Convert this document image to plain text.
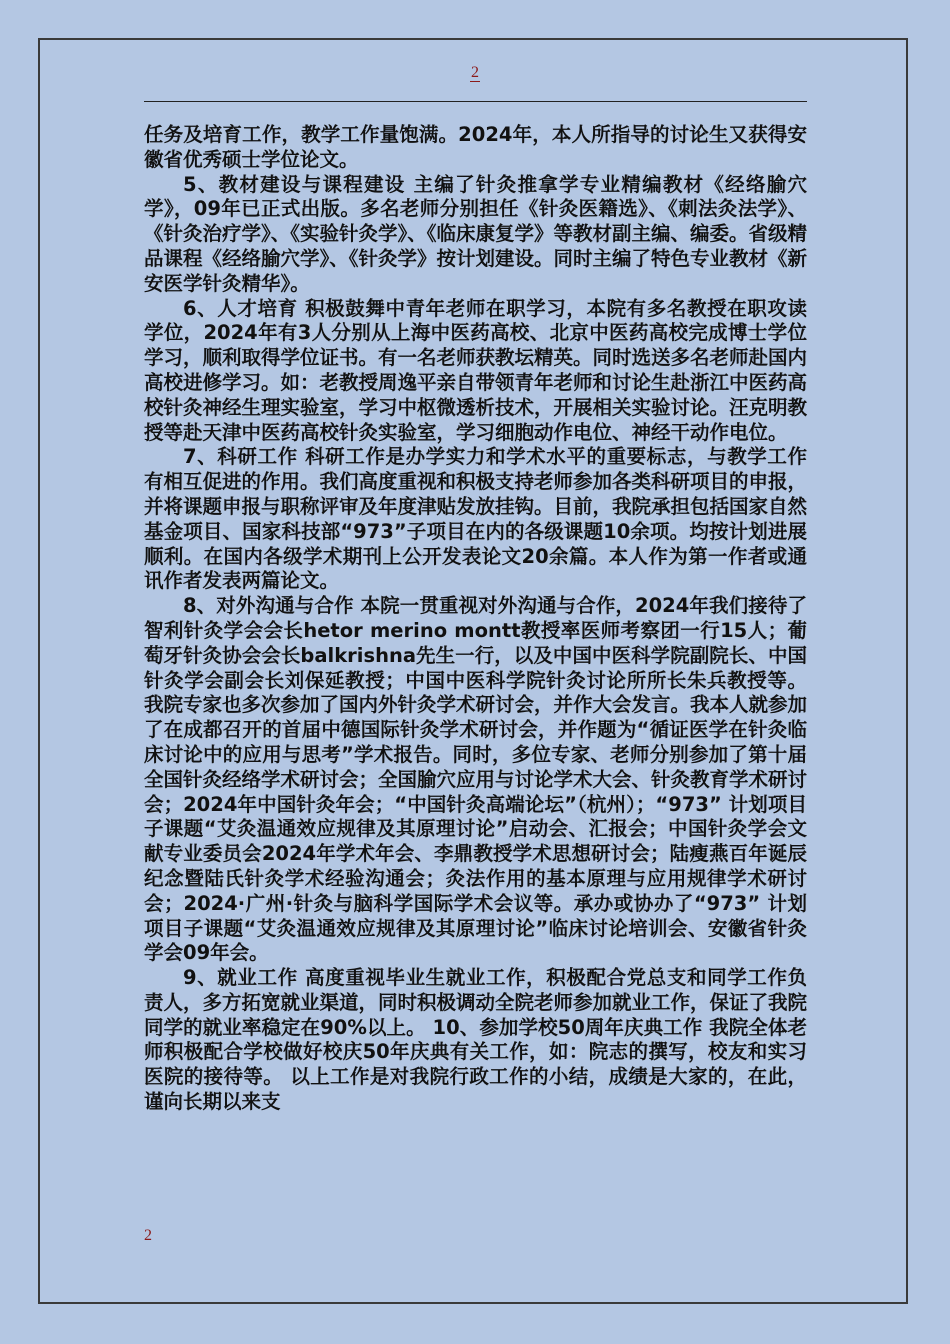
2

任务及培育工作，教学工作量饱满。2024年，本人所指导的讨论生又获得安徽省优秀硕士学位论文。

5、教材建设与课程建设 主编了针灸推拿学专业精编教材《经络腧穴学》，09年已正式出版。多名老师分别担任《针灸医籍选》、《刺法灸法学》、《针灸治疗学》、《实验针灸学》、《临床康复学》等教材副主编、编委。省级精品课程《经络腧穴学》、《针灸学》按计划建设。同时主编了特色专业教材《新安医学针灸精华》。

6、人才培育 积极鼓舞中青年老师在职学习，本院有多名教授在职攻读学位，2024年有3人分别从上海中医药高校、北京中医药高校完成博士学位学习，顺利取得学位证书。有一名老师获教坛精英。同时选送多名老师赴国内高校进修学习。如：老教授周逸平亲自带领青年老师和讨论生赴浙江中医药高校针灸神经生理实验室，学习中枢微透析技术，开展相关实验讨论。汪克明教授等赴天津中医药高校针灸实验室，学习细胞动作电位、神经干动作电位。

7、科研工作 科研工作是办学实力和学术水平的重要标志，与教学工作有相互促进的作用。我们高度重视和积极支持老师参加各类科研项目的申报，并将课题申报与职称评审及年度津贴发放挂钩。目前，我院承担包括国家自然基金项目、国家科技部“973”子项目在内的各级课题10余项。均按计划进展顺利。在国内各级学术期刊上公开发表论文20余篇。本人作为第一作者或通讯作者发表两篇论文。

8、对外沟通与合作 本院一贯重视对外沟通与合作，2024年我们接待了智利针灸学会会长hetor merino montt教授率医师考察团一行15人；葡萄牙针灸协会会长balkrishna先生一行，以及中国中医科学院副院长、中国针灸学会副会长刘保延教授；中国中医科学院针灸讨论所所长朱兵教授等。 我院专家也多次参加了国内外针灸学术研讨会，并作大会发言。我本人就参加了在成都召开的首届中德国际针灸学术研讨会，并作题为“循证医学在针灸临床讨论中的应用与思考”学术报告。同时，多位专家、老师分别参加了第十届全国针灸经络学术研讨会；全国腧穴应用与讨论学术大会、针灸教育学术研讨会；2024年中国针灸年会；“中国针灸高端论坛”（杭州）；“973” 计划项目子课题“艾灸温通效应规律及其原理讨论”启动会、汇报会；中国针灸学会文献专业委员会2024年学术年会、李鼎教授学术思想研讨会；陆瘦燕百年诞辰纪念暨陆氏针灸学术经验沟通会；灸法作用的基本原理与应用规律学术研讨会；2024·广州·针灸与脑科学国际学术会议等。承办或协办了“973” 计划项目子课题“艾灸温通效应规律及其原理讨论”临床讨论培训会、安徽省针灸学会09年会。

9、就业工作 高度重视毕业生就业工作，积极配合党总支和同学工作负责人，多方拓宽就业渠道，同时积极调动全院老师参加就业工作，保证了我院同学的就业率稳定在90%以上。 10、参加学校50周年庆典工作 我院全体老师积极配合学校做好校庆50年庆典有关工作，如：院志的撰写，校友和实习医院的接待等。 以上工作是对我院行政工作的小结，成绩是大家的，在此，谨向长期以来支

2
